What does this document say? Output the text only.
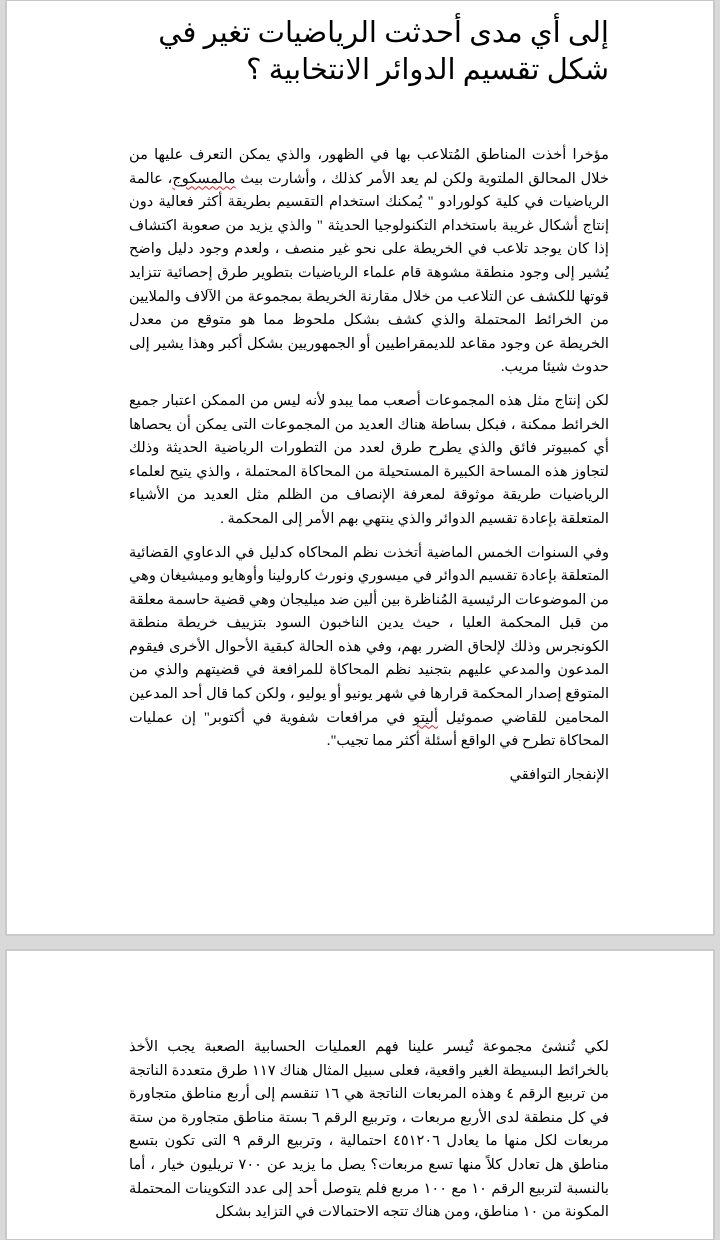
إلى أي مدى أحدثت الرياضيات تغير في شكل تقسيم الدوائر الانتخابية ؟

مؤخرا أخذت المناطق المُتلاعب بها في الظهور، والذي يمكن التعرف عليها من خلال المحالق الملتوية ولكن لم يعد الأمر كذلك ، وأشارت بيث مالمسكوج، عالمة الرياضيات في كلية كولورادو " يُمكنك استخدام التقسيم بطريقة أكثر فعالية دون إنتاج أشكال غريبة باستخدام التكنولوجيا الحديثة " والذي يزيد من صعوبة اكتشاف إذا كان يوجد تلاعب في الخريطة على نحو غير منصف ، ولعدم وجود دليل واضح يُشير إلى وجود منطقة مشوهة قام علماء الرياضيات بتطوير طرق إحصائية تتزايد قوتها للكشف عن التلاعب من خلال مقارنة الخريطة بمجموعة من الآلاف والملايين من الخرائط المحتملة والذي كشف بشكل ملحوظ مما هو متوقع من معدل الخريطة عن وجود مقاعد للديمقراطيين أو الجمهوريين بشكل أكبر وهذا يشير إلى حدوث شيئا مريب.

لكن إنتاج مثل هذه المجموعات أصعب مما يبدو لأنه ليس من الممكن اعتبار جميع الخرائط ممكنة ، فبكل بساطة هناك العديد من المجموعات التى يمكن أن يحصاها أي كمبيوتر فائق والذي يطرح طرق لعدد من التطورات الرياضية الحديثة وذلك لتجاوز هذه المساحة الكبيرة المستحيلة من المحاكاة المحتملة ، والذي يتيح لعلماء الرياضيات طريقة موثوقة لمعرفة الإنصاف من الظلم مثل العديد من الأشياء المتعلقة بإعادة تقسيم الدوائر والذي ينتهي بهم الأمر إلى المحكمة .

وفي السنوات الخمس الماضية أتخذت نظم المحاكاه كدليل في الدعاوي القضائية المتعلقة بإعادة تقسيم الدوائر في ميسوري ونورث كارولينا وأوهايو وميشيغان وهي من الموضوعات الرئيسية المُناظرة بين ألين ضد ميليجان وهي قضية حاسمة معلقة من قبل المحكمة العليا ، حيث يدين الناخبون السود بتزييف خريطة منطقة الكونجرس وذلك لإلحاق الضرر بهم، وفي هذه الحالة كبقية الأحوال الأخرى فيقوم المدعون والمدعي عليهم بتجنيد نظم المحاكاة للمرافعة في قضيتهم والذي من المتوقع إصدار المحكمة قرارها في شهر يونيو أو يوليو ، ولكن كما قال أحد المدعين المحامين للقاضي صموئيل أليتو في مرافعات شفوية في أكتوبر" إن عمليات المحاكاة تطرح في الواقع أسئلة أكثر مما تجيب".

الإنفجار التوافقي

لكي تُنشئ مجموعة تُيسر علينا فهم العمليات الحسابية الصعبة يجب الأخذ بالخرائط البسيطة الغير واقعية، فعلى سبيل المثال هناك ١١٧ طرق متعددة الناتجة من تربيع الرقم ٤ وهذه المربعات الناتجة هي ١٦ تنقسم إلى أربع مناطق متجاورة في كل منطقة لدى الأربع مربعات ، وتربيع الرقم ٦ بستة مناطق متجاورة من ستة مربعات لكل منها ما يعادل ٤٥١٢٠٦ احتمالية ، وتربيع الرقم ٩ التى تكون بتسع مناطق هل تعادل كلاً منها تسع مربعات؟ يصل ما يزيد عن ٧٠٠ تريليون خيار ، أما بالنسبة لتربيع الرقم ١٠ مع ١٠٠ مربع فلم يتوصل أحد إلى عدد التكوينات المحتملة المكونة من ١٠ مناطق، ومن هناك تتجه الاحتمالات في التزايد بشكل
